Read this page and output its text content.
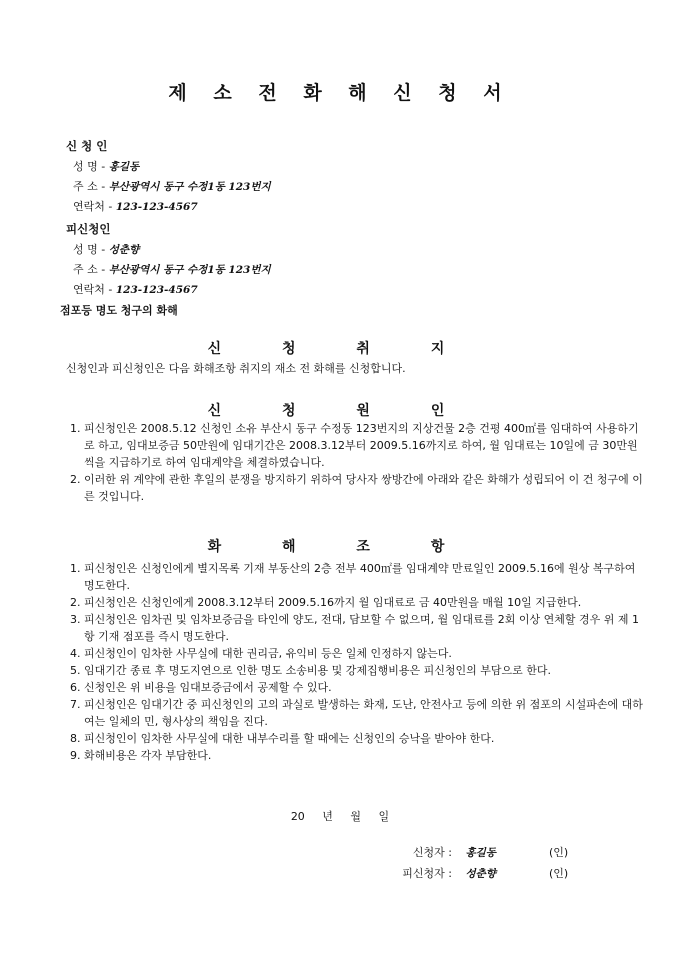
제 소 전 화 해 신 청 서
신 청 인
성 명 - 홍길동
주 소 - 부산광역시 동구 수정1동 123번지
연락처 - 123-123-4567
피신청인
성 명 - 성춘향
주 소 - 부산광역시 동구 수정1동 123번지
연락처 - 123-123-4567
점포등 명도 청구의 화해
신 청 취 지
신청인과 피신청인은 다음 화해조항 취지의 재소 전 화해를 신청합니다.
신 청 원 인
1. 피신청인은 2008.5.12 신청인 소유 부산시 동구 수정동 123번지의 지상건물 2층 건평 400㎡를 임대하여 사용하기로 하고, 임대보증금 50만원에 임대기간은 2008.3.12부터 2009.5.16까지로 하여, 월 임대료는 10일에 금 30만원씩을 지급하기로 하여 임대계약을 체결하였습니다.
2. 이러한 위 계약에 관한 후일의 분쟁을 방지하기 위하여 당사자 쌍방간에 아래와 같은 화해가 성립되어 이 건 청구에 이른 것입니다.
화 해 조 항
1. 피신청인은 신청인에게 별지목록 기재 부동산의 2층 전부 400㎡를 임대계약 만료일인 2009.5.16에 원상 복구하여 명도한다.
2. 피신청인은 신청인에게 2008.3.12부터 2009.5.16까지 월 임대료로 금 40만원을 매월 10일 지급한다.
3. 피신청인은 임차권 및 임차보증금을 타인에 양도, 전대, 담보할 수 없으며, 월 임대료를 2회 이상 연체할 경우 위 제 1항 기재 점포를 즉시 명도한다.
4. 피신청인이 임차한 사무실에 대한 권리금, 유익비 등은 일체 인정하지 않는다.
5. 임대기간 종료 후 명도지연으로 인한 명도 소송비용 및 강제집행비용은 피신청인의 부담으로 한다.
6. 신청인은 위 비용을 임대보증금에서 공제할 수 있다.
7. 피신청인은 임대기간 중 피신청인의 고의 과실로 발생하는 화재, 도난, 안전사고 등에 의한 위 점포의 시설파손에 대하여는 일체의 민, 형사상의 책임을 진다.
8. 피신청인이 임차한 사무실에 대한 내부수리를 할 때에는 신청인의 승낙을 받아야 한다.
9. 화해비용은 각자 부담한다.
20 년 월 일
신청자 : 홍길동	(인)
피신청자 : 성춘향	(인)
